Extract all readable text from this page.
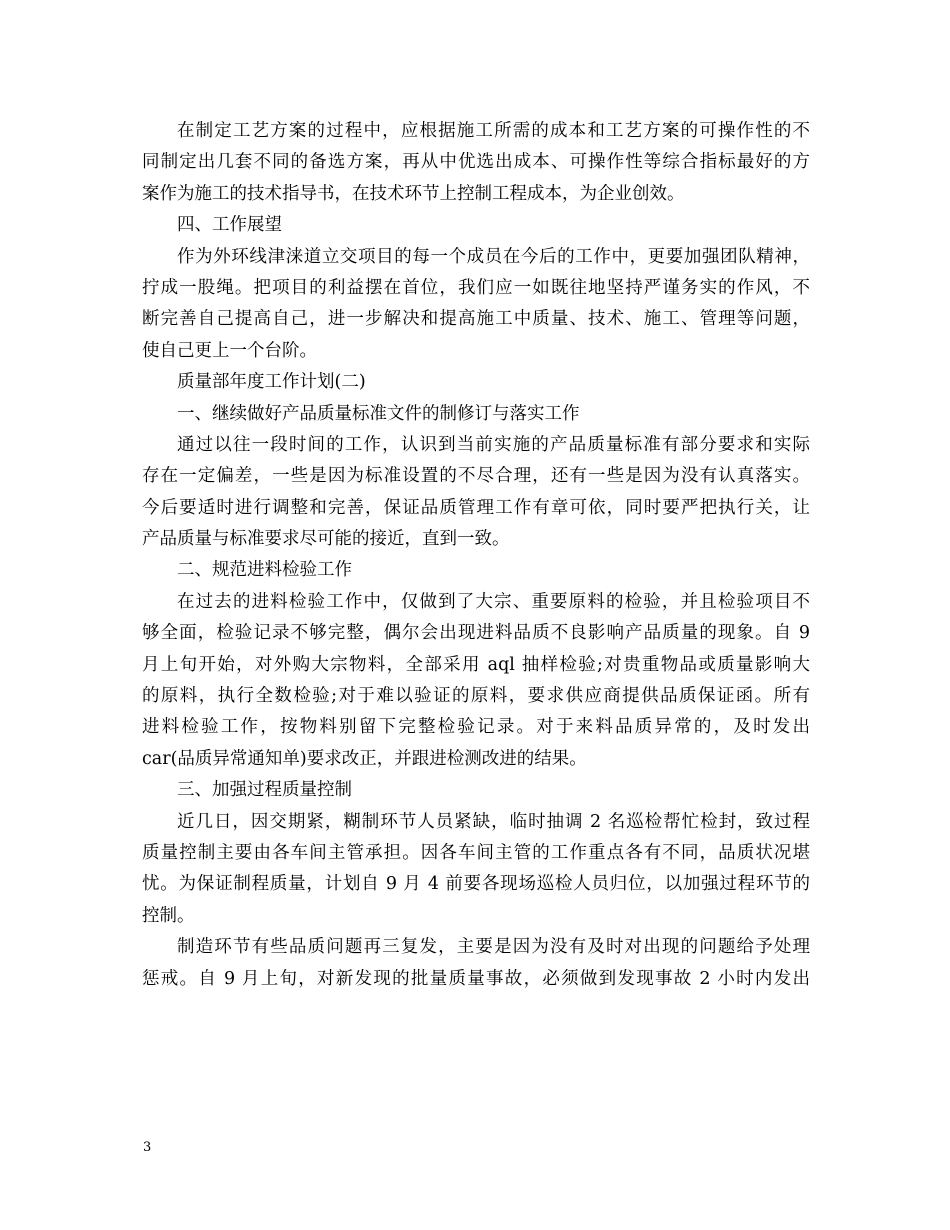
在制定工艺方案的过程中，应根据施工所需的成本和工艺方案的可操作性的不
同制定出几套不同的备选方案，再从中优选出成本、可操作性等综合指标最好的方
案作为施工的技术指导书，在技术环节上控制工程成本，为企业创效。
四、工作展望
作为外环线津涞道立交项目的每一个成员在今后的工作中，更要加强团队精神，
拧成一股绳。把项目的利益摆在首位，我们应一如既往地坚持严谨务实的作风，不
断完善自己提高自己，进一步解决和提高施工中质量、技术、施工、管理等问题，
使自己更上一个台阶。
质量部年度工作计划(二)
一、继续做好产品质量标准文件的制修订与落实工作
通过以往一段时间的工作，认识到当前实施的产品质量标准有部分要求和实际
存在一定偏差，一些是因为标准设置的不尽合理，还有一些是因为没有认真落实。
今后要适时进行调整和完善，保证品质管理工作有章可依，同时要严把执行关，让
产品质量与标准要求尽可能的接近，直到一致。
二、规范进料检验工作
在过去的进料检验工作中，仅做到了大宗、重要原料的检验，并且检验项目不
够全面，检验记录不够完整，偶尔会出现进料品质不良影响产品质量的现象。自 9
月上旬开始，对外购大宗物料，全部采用 aql 抽样检验;对贵重物品或质量影响大
的原料，执行全数检验;对于难以验证的原料，要求供应商提供品质保证函。所有
进料检验工作，按物料别留下完整检验记录。对于来料品质异常的，及时发出
car(品质异常通知单)要求改正，并跟进检测改进的结果。
三、加强过程质量控制
近几日，因交期紧，糊制环节人员紧缺，临时抽调 2 名巡检帮忙检封，致过程
质量控制主要由各车间主管承担。因各车间主管的工作重点各有不同，品质状况堪
忧。为保证制程质量，计划自 9 月 4 前要各现场巡检人员归位，以加强过程环节的
控制。
制造环节有些品质问题再三复发，主要是因为没有及时对出现的问题给予处理
惩戒。自 9 月上旬，对新发现的批量质量事故，必须做到发现事故 2 小时内发出
3
